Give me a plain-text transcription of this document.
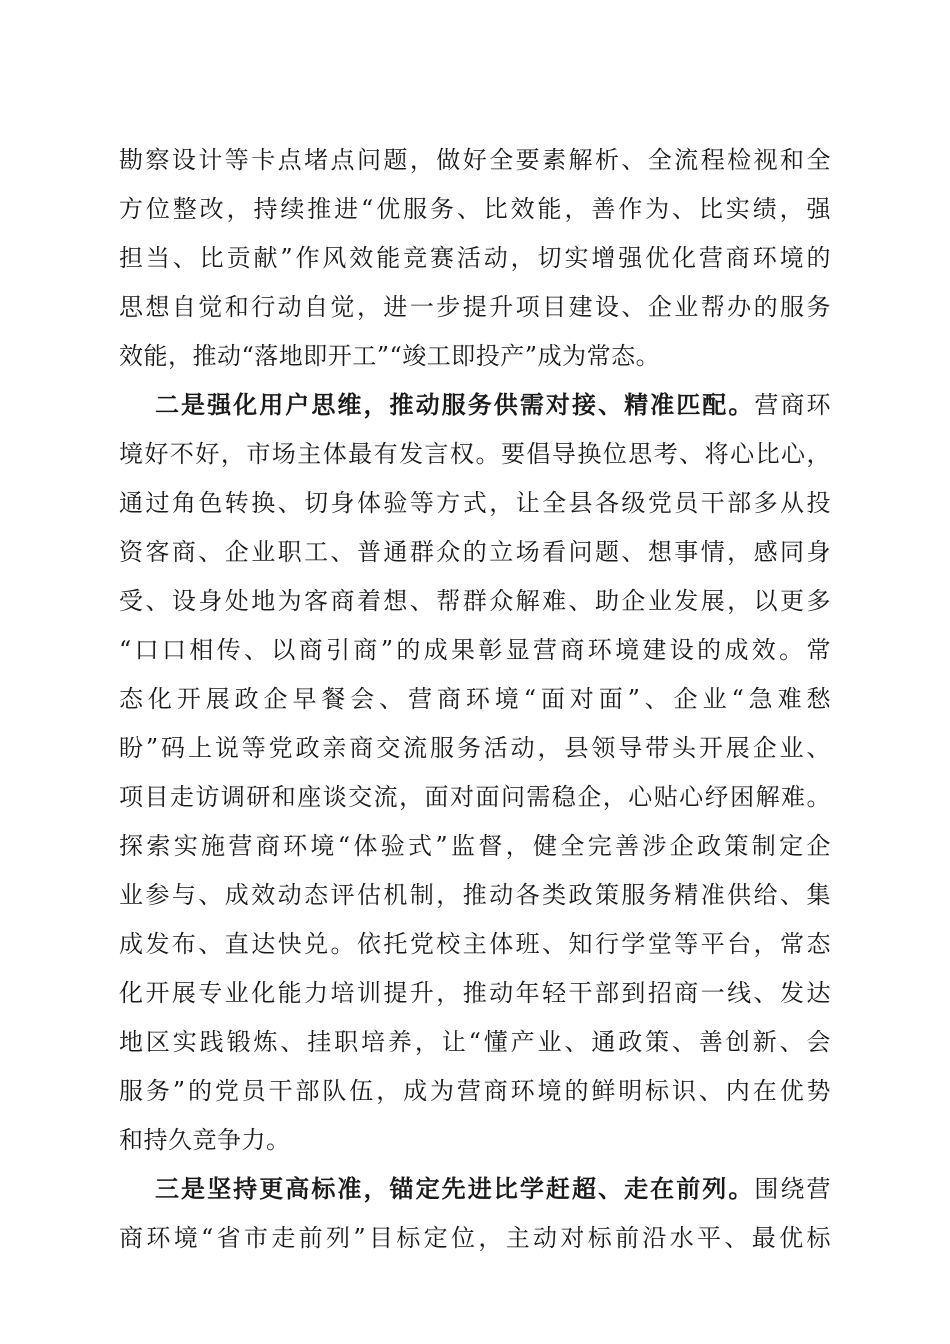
勘察设计等卡点堵点问题，做好全要素解析、全流程检视和全
方位整改，持续推进“优服务、比效能，善作为、比实绩，强
担当、比贡献”作风效能竞赛活动，切实增强优化营商环境的
思想自觉和行动自觉，进一步提升项目建设、企业帮办的服务
效能，推动“落地即开工”“竣工即投产”成为常态。
二是强化用户思维，推动服务供需对接、精准匹配。营商环
境好不好，市场主体最有发言权。要倡导换位思考、将心比心，
通过角色转换、切身体验等方式，让全县各级党员干部多从投
资客商、企业职工、普通群众的立场看问题、想事情，感同身
受、设身处地为客商着想、帮群众解难、助企业发展，以更多
“口口相传、以商引商”的成果彰显营商环境建设的成效。常
态化开展政企早餐会、营商环境“面对面”、企业“急难愁
盼”码上说等党政亲商交流服务活动，县领导带头开展企业、
项目走访调研和座谈交流，面对面问需稳企，心贴心纾困解难。
探索实施营商环境“体验式”监督，健全完善涉企政策制定企
业参与、成效动态评估机制，推动各类政策服务精准供给、集
成发布、直达快兑。依托党校主体班、知行学堂等平台，常态
化开展专业化能力培训提升，推动年轻干部到招商一线、发达
地区实践锻炼、挂职培养，让“懂产业、通政策、善创新、会
服务”的党员干部队伍，成为营商环境的鲜明标识、内在优势
和持久竞争力。
三是坚持更高标准，锚定先进比学赶超、走在前列。围绕营
商环境“省市走前列”目标定位，主动对标前沿水平、最优标
